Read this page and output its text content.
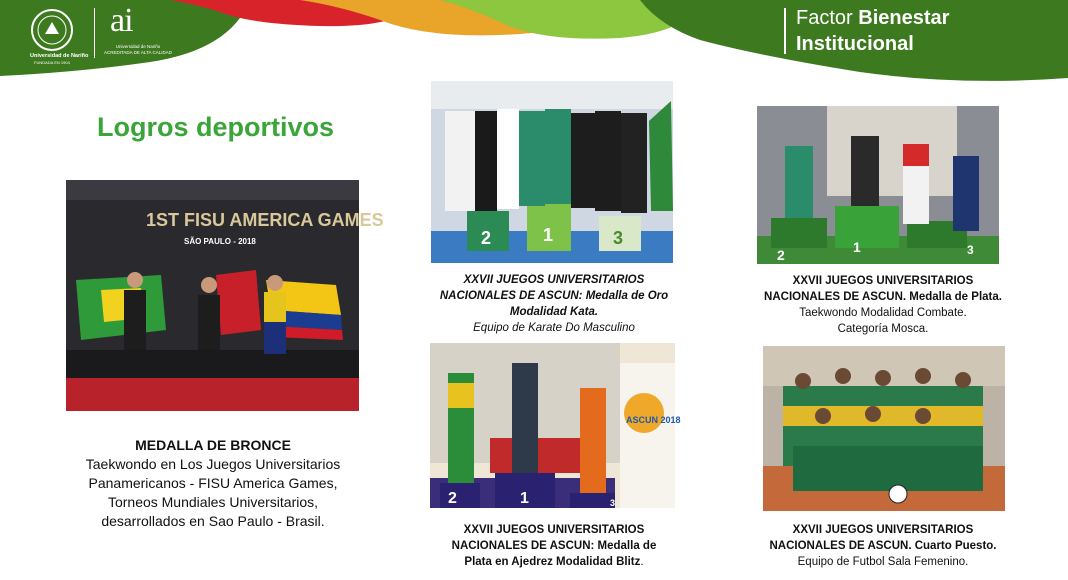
Universidad de Nariño
FUNDADA EN 1904
ai
Universidad de Nariño
ACREDITADA DE ALTA CALIDAD
Factor Bienestar
Institucional
Logros deportivos
1ST FISU AMERICA GAMES
SÃO PAULO - 2018	2	1	3
2	1	3
2	1	3
ASCUN 2018
MEDALLA DE BRONCE
Taekwondo en Los Juegos Universitarios
Panamericanos - FISU America Games,
Torneos Mundiales Universitarios,
desarrollados en Sao Paulo - Brasil.
XXVII JUEGOS UNIVERSITARIOS
NACIONALES DE ASCUN: Medalla de Oro
Modalidad Kata.
Equipo de Karate Do Masculino
XXVII JUEGOS UNIVERSITARIOS
NACIONALES DE ASCUN. Medalla de Plata.
Taekwondo Modalidad Combate.
Categoría Mosca.
XXVII JUEGOS UNIVERSITARIOS
NACIONALES DE ASCUN: Medalla de
Plata en Ajedrez Modalidad Blitz.
XXVII JUEGOS UNIVERSITARIOS
NACIONALES DE ASCUN. Cuarto Puesto.
Equipo de Futbol Sala Femenino.
